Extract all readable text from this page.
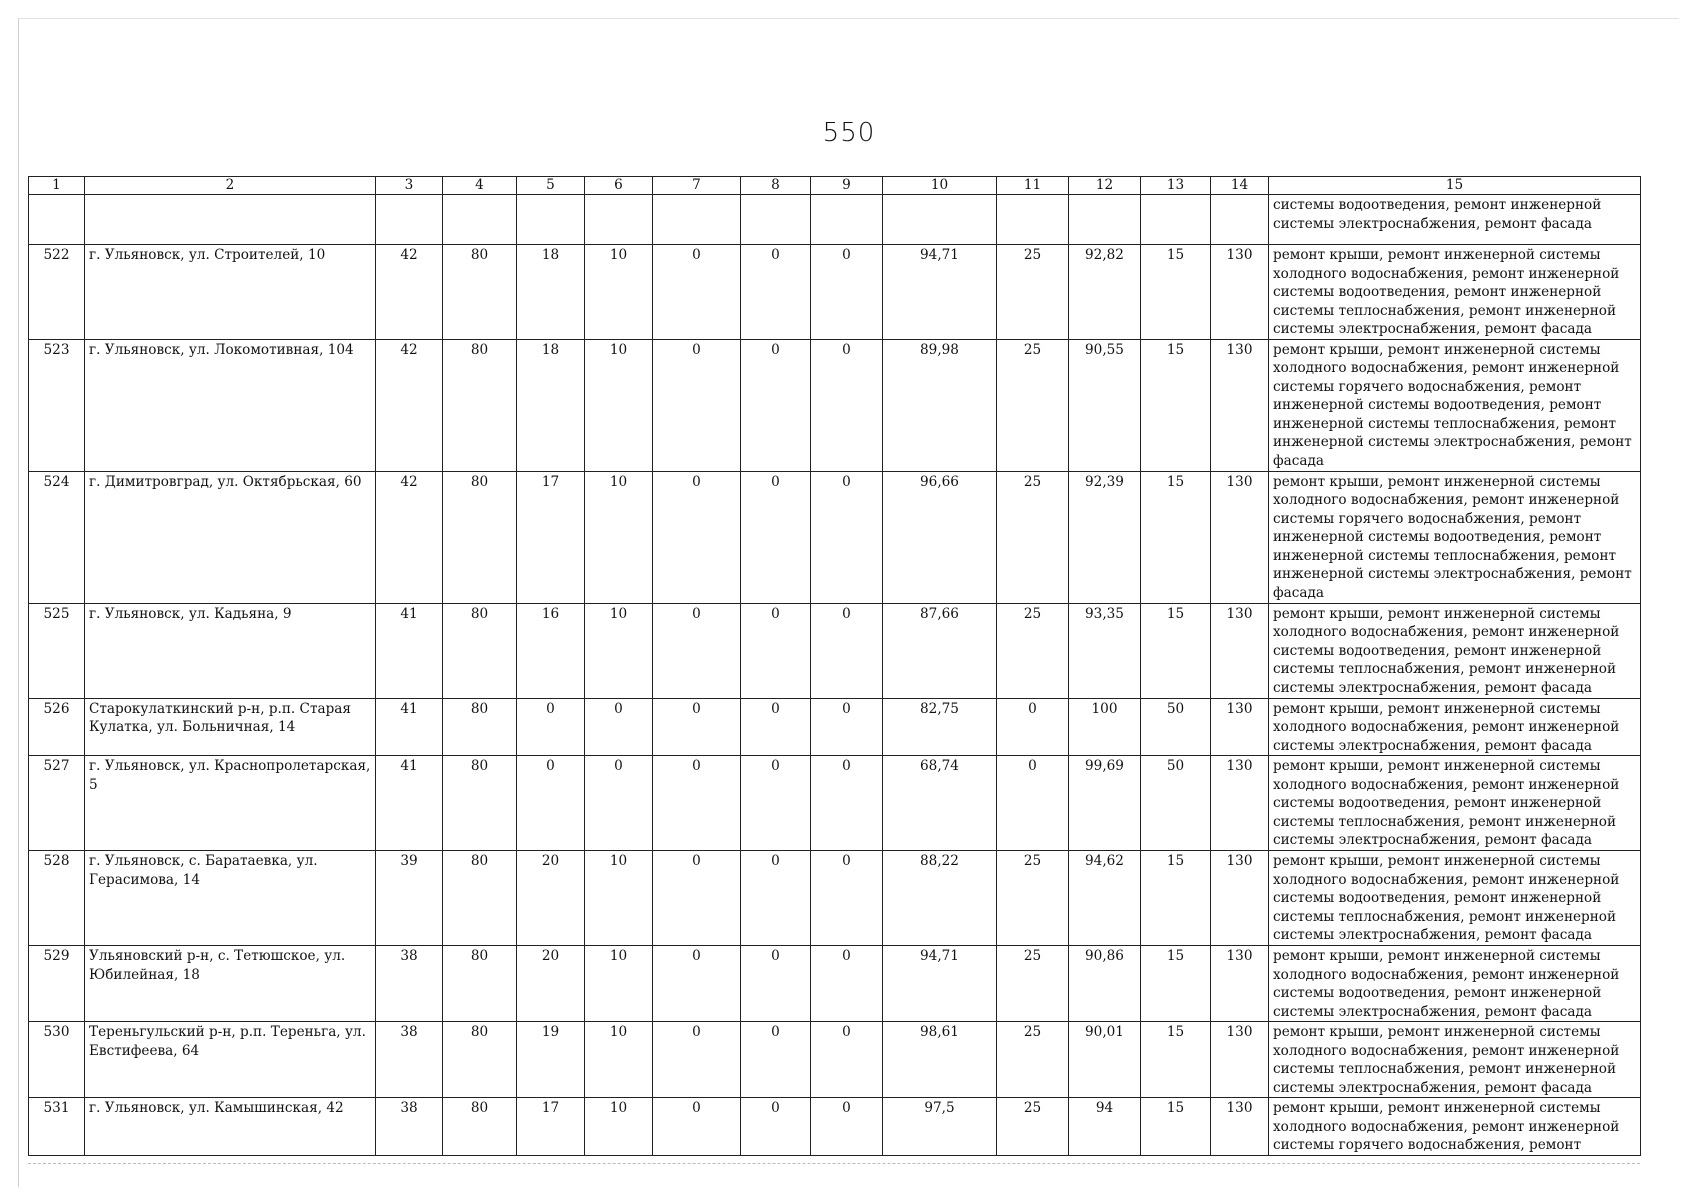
550
1	2	3	4	5	6	7	8	9	10	11	12	13	14	15
														системы водоотведения, ремонт инженерной системы электроснабжения, ремонт фасада
522	г. Ульяновск, ул. Строителей, 10	42	80	18	10	0	0	0	94,71	25	92,82	15	130	ремонт крыши, ремонт инженерной системы холодного водоснабжения, ремонт инженерной системы водоотведения, ремонт инженерной системы теплоснабжения, ремонт инженерной системы электроснабжения, ремонт фасада
523	г. Ульяновск, ул. Локомотивная, 104	42	80	18	10	0	0	0	89,98	25	90,55	15	130	ремонт крыши, ремонт инженерной системы холодного водоснабжения, ремонт инженерной системы горячего водоснабжения, ремонт инженерной системы водоотведения, ремонт инженерной системы теплоснабжения, ремонт инженерной системы электроснабжения, ремонт фасада
524	г. Димитровград, ул. Октябрьская, 60	42	80	17	10	0	0	0	96,66	25	92,39	15	130	ремонт крыши, ремонт инженерной системы холодного водоснабжения, ремонт инженерной системы горячего водоснабжения, ремонт инженерной системы водоотведения, ремонт инженерной системы теплоснабжения, ремонт инженерной системы электроснабжения, ремонт фасада
525	г. Ульяновск, ул. Кадьяна, 9	41	80	16	10	0	0	0	87,66	25	93,35	15	130	ремонт крыши, ремонт инженерной системы холодного водоснабжения, ремонт инженерной системы водоотведения, ремонт инженерной системы теплоснабжения, ремонт инженерной системы электроснабжения, ремонт фасада
526	Старокулаткинский р-н, р.п. Старая Кулатка, ул. Больничная, 14	41	80	0	0	0	0	0	82,75	0	100	50	130	ремонт крыши, ремонт инженерной системы холодного водоснабжения, ремонт инженерной системы электроснабжения, ремонт фасада
527	г. Ульяновск, ул. Краснопролетарская, 5	41	80	0	0	0	0	0	68,74	0	99,69	50	130	ремонт крыши, ремонт инженерной системы холодного водоснабжения, ремонт инженерной системы водоотведения, ремонт инженерной системы теплоснабжения, ремонт инженерной системы электроснабжения, ремонт фасада
528	г. Ульяновск, с. Баратаевка, ул. Герасимова, 14	39	80	20	10	0	0	0	88,22	25	94,62	15	130	ремонт крыши, ремонт инженерной системы холодного водоснабжения, ремонт инженерной системы водоотведения, ремонт инженерной системы теплоснабжения, ремонт инженерной системы электроснабжения, ремонт фасада
529	Ульяновский р-н, с. Тетюшское, ул. Юбилейная, 18	38	80	20	10	0	0	0	94,71	25	90,86	15	130	ремонт крыши, ремонт инженерной системы холодного водоснабжения, ремонт инженерной системы водоотведения, ремонт инженерной системы электроснабжения, ремонт фасада
530	Тереньгульский р-н, р.п. Тереньга, ул. Евстифеева, 64	38	80	19	10	0	0	0	98,61	25	90,01	15	130	ремонт крыши, ремонт инженерной системы холодного водоснабжения, ремонт инженерной системы теплоснабжения, ремонт инженерной системы электроснабжения, ремонт фасада
531	г. Ульяновск, ул. Камышинская, 42	38	80	17	10	0	0	0	97,5	25	94	15	130	ремонт крыши, ремонт инженерной системы холодного водоснабжения, ремонт инженерной системы горячего водоснабжения, ремонт
